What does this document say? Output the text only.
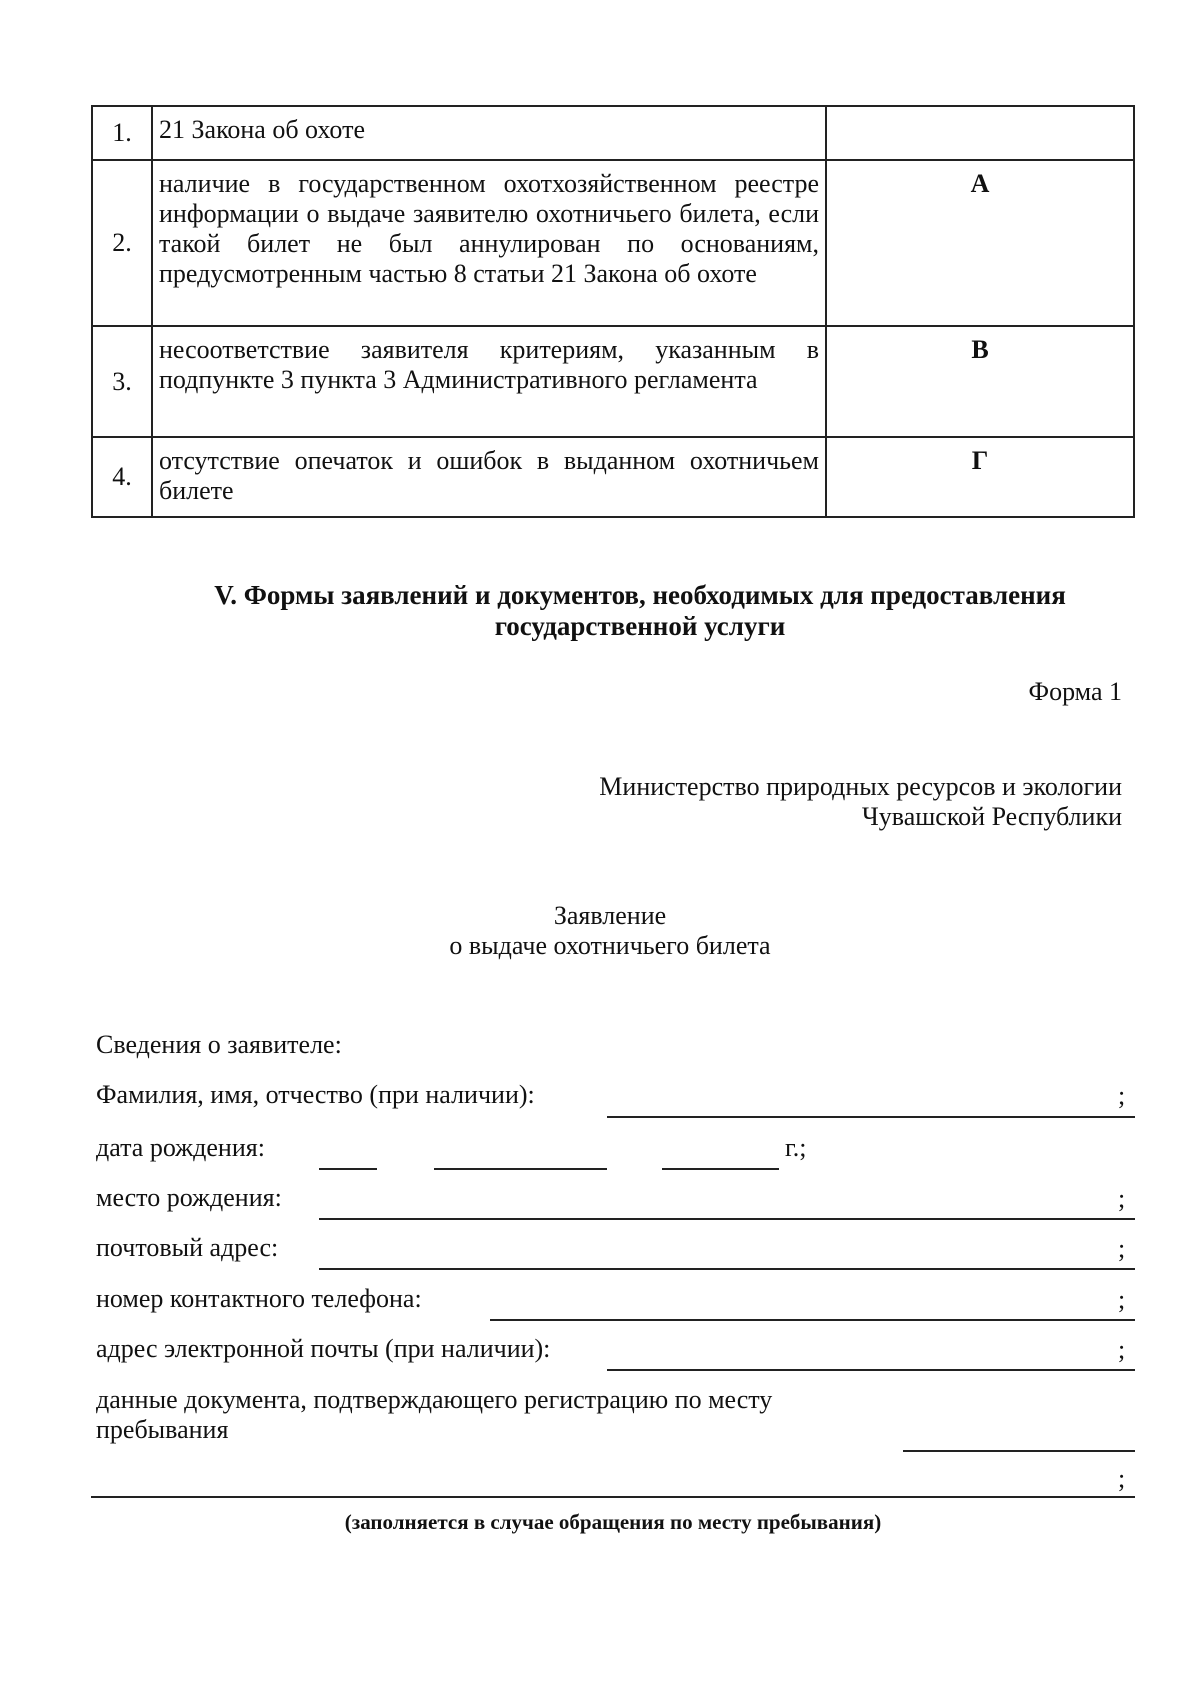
1.	21 Закона об охоте	
2.	наличие в государственном охотхозяйственном реестре информации о выдаче заявителю охотничьего билета, если такой билет не был аннулирован по основаниям, предусмотренным частью 8 статьи 21 Закона об охоте	А
3.	несоответствие заявителя критериям, указанным в подпункте 3 пункта 3 Административного регламента	В
4.	отсутствие опечаток и ошибок в выданном охотничьем билете	Г
V. Формы заявлений и документов, необходимых для предоставления
государственной услуги
Форма 1
Министерство природных ресурсов и экологии
Чувашской Республики
Заявление
о выдаче охотничьего билета
Сведения о заявителе:
Фамилия, имя, отчество (при наличии):	;
дата рождения:	г.;
место рождения:	;
почтовый адрес:	;
номер контактного телефона:	;
адрес электронной почты (при наличии):	;
данные документа, подтверждающего регистрацию по месту
пребывания
;
(заполняется в случае обращения по месту пребывания)
